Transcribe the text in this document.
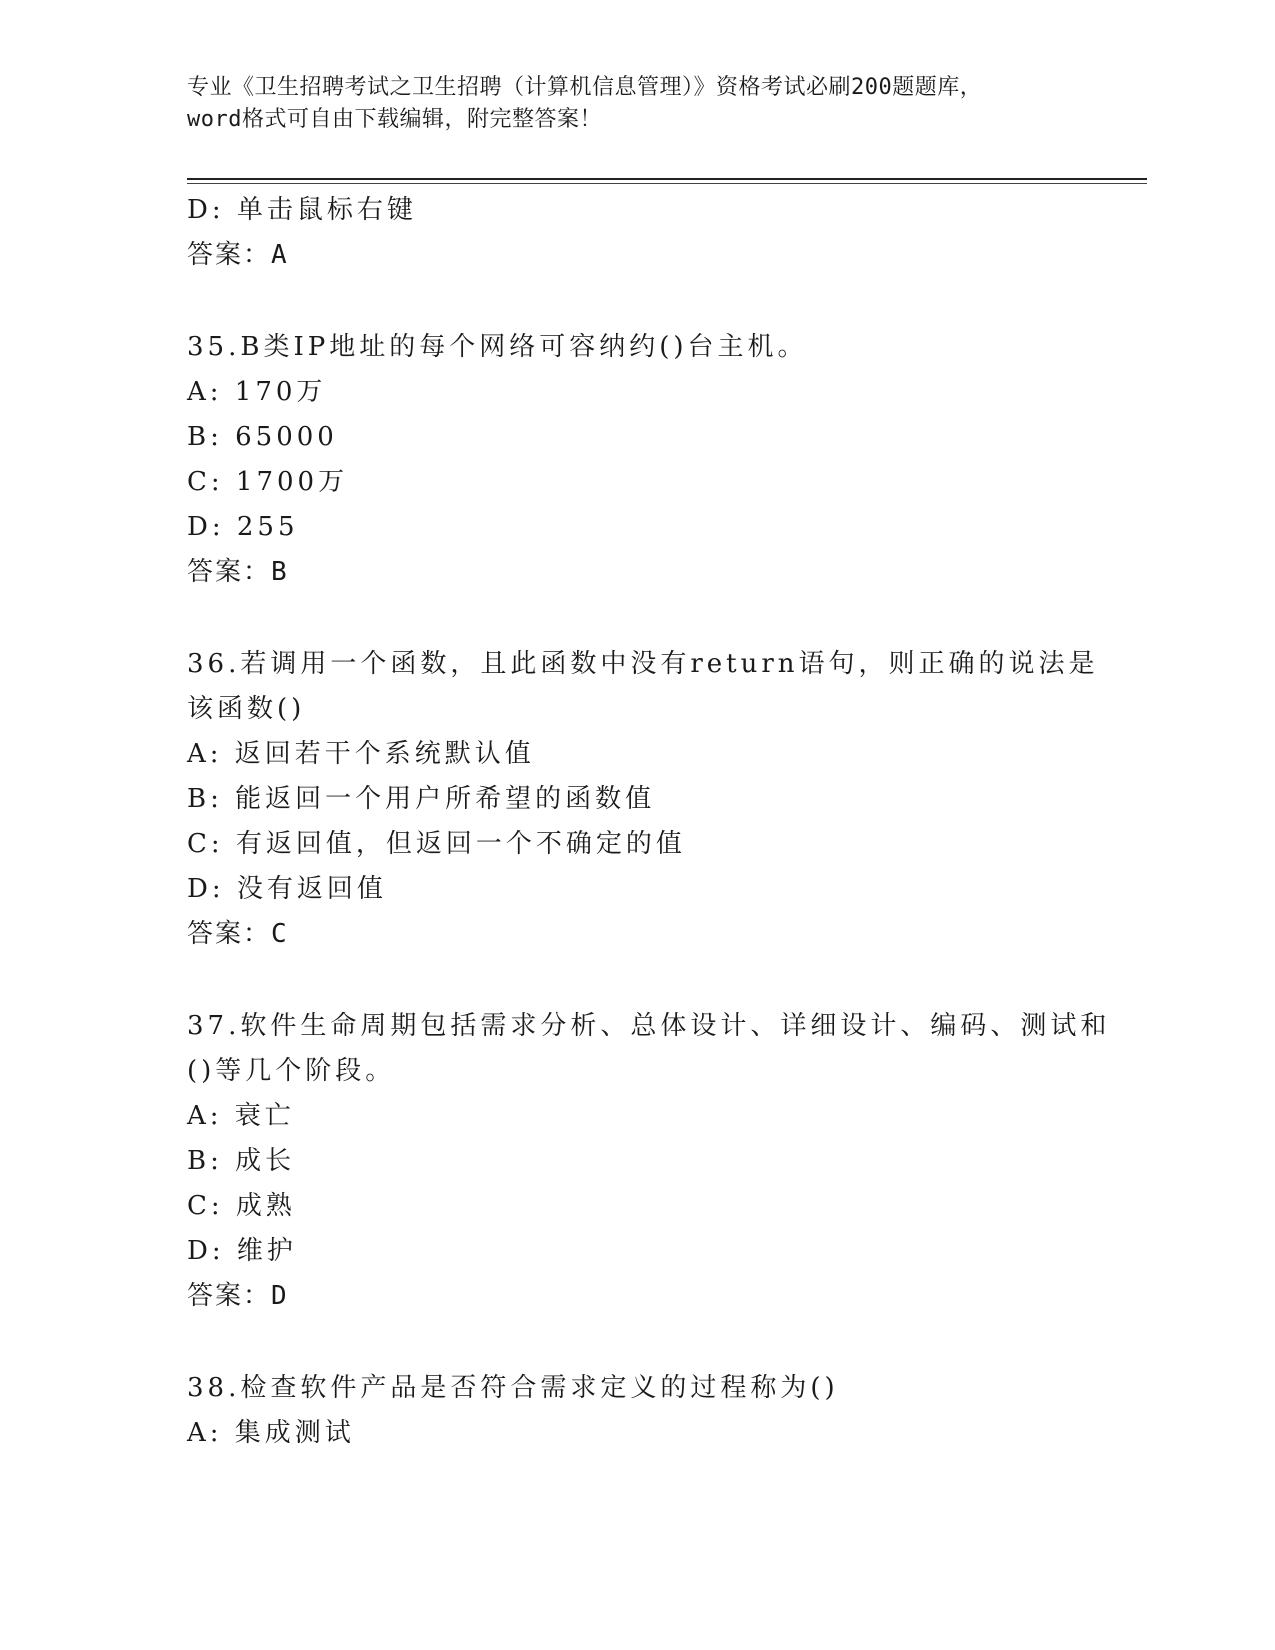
专业《卫生招聘考试之卫生招聘（计算机信息管理）》资格考试必刷200题题库，
word格式可自由下载编辑，附完整答案！
D: 单击鼠标右键
答案：A
35.B类IP地址的每个网络可容纳约()台主机。
A: 170万
B: 65000
C: 1700万
D: 255
答案：B
36.若调用一个函数，且此函数中没有return语句，则正确的说法是
该函数()
A: 返回若干个系统默认值
B: 能返回一个用户所希望的函数值
C: 有返回值，但返回一个不确定的值
D: 没有返回值
答案：C
37.软件生命周期包括需求分析、总体设计、详细设计、编码、测试和
()等几个阶段。
A: 衰亡
B: 成长
C: 成熟
D: 维护
答案：D
38.检查软件产品是否符合需求定义的过程称为()
A: 集成测试
